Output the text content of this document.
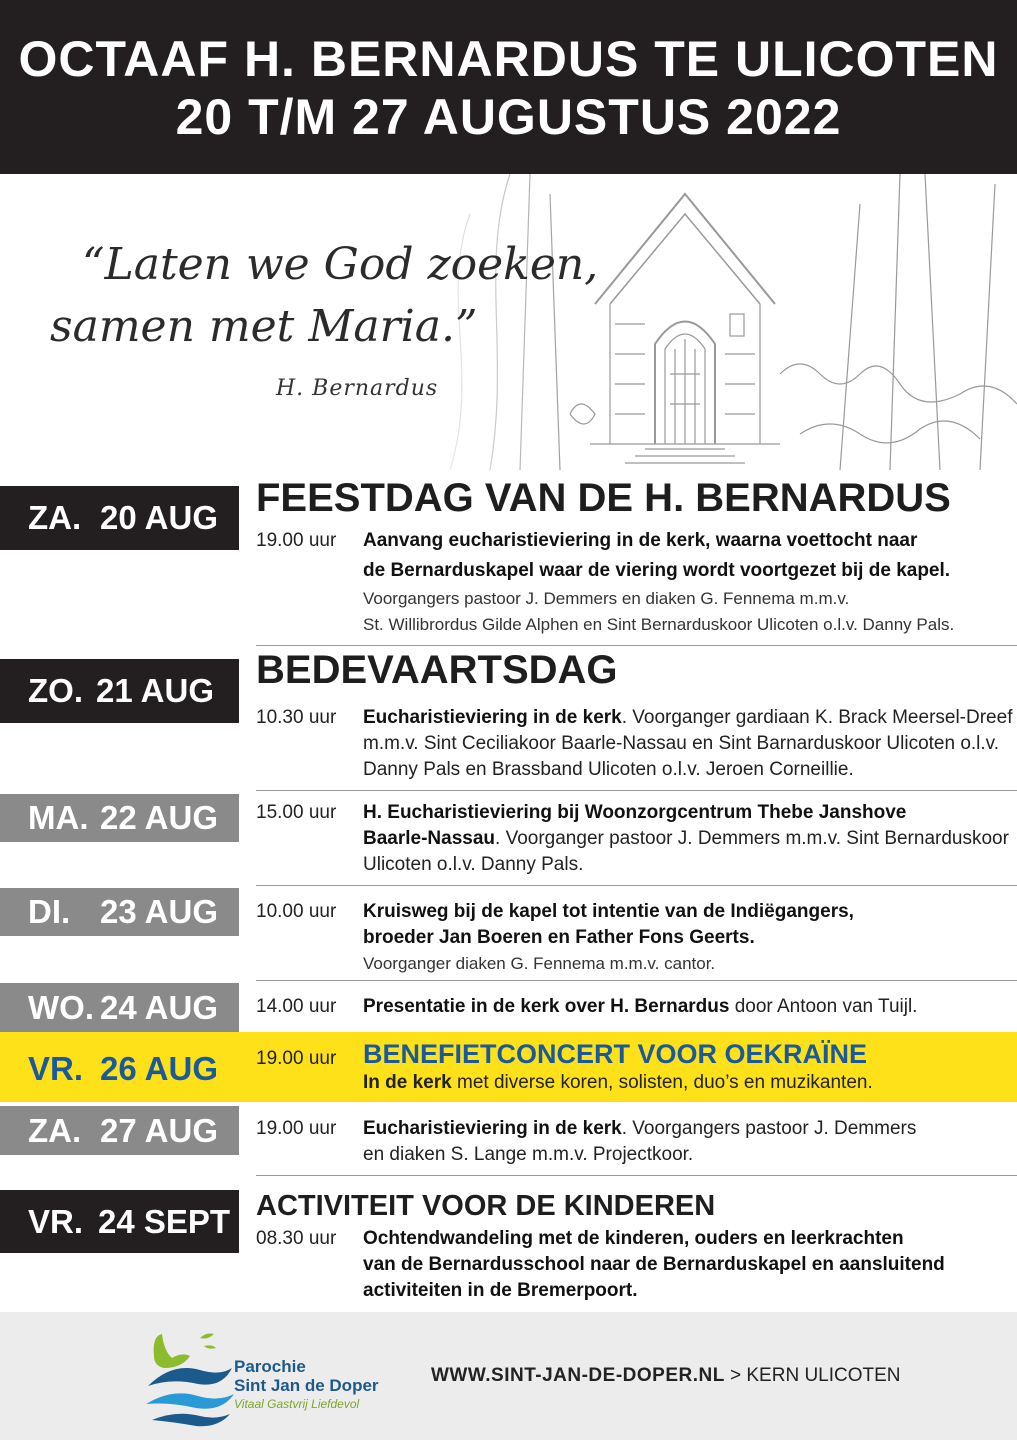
OCTAAF H. BERNARDUS TE ULICOTEN
20 T/M 27 AUGUSTUS 2022
“Laten we God zoeken,
samen met Maria.”
H. Bernardus
ZA. 20 AUG FEESTDAG VAN DE H. BERNARDUS
19.00 uur Aanvang eucharistieviering in de kerk, waarna voettocht naar
de Bernarduskapel waar de viering wordt voortgezet bij de kapel.
Voorgangers pastoor J. Demmers en diaken G. Fennema m.m.v.
St. Willibrordus Gilde Alphen en Sint Bernarduskoor Ulicoten o.l.v. Danny Pals.
ZO. 21 AUG BEDEVAARTSDAG
10.30 uur Eucharistieviering in de kerk. Voorganger gardiaan K. Brack Meersel-Dreef
m.m.v. Sint Ceciliakoor Baarle-Nassau en Sint Barnarduskoor Ulicoten o.l.v.
Danny Pals en Brassband Ulicoten o.l.v. Jeroen Corneillie.
MA. 22 AUG 15.00 uur H. Eucharistieviering bij Woonzorgcentrum Thebe Janshove
Baarle-Nassau. Voorganger pastoor J. Demmers m.m.v. Sint Bernarduskoor
Ulicoten o.l.v. Danny Pals.
DI. 23 AUG 10.00 uur Kruisweg bij de kapel tot intentie van de Indiëgangers,
broeder Jan Boeren en Father Fons Geerts.
Voorganger diaken G. Fennema m.m.v. cantor.
WO. 24 AUG 14.00 uur Presentatie in de kerk over H. Bernardus door Antoon van Tuijl.
VR. 26 AUG 19.00 uur BENEFIETCONCERT VOOR OEKRAÏNE
In de kerk met diverse koren, solisten, duo’s en muzikanten.
ZA. 27 AUG 19.00 uur Eucharistieviering in de kerk. Voorgangers pastoor J. Demmers
en diaken S. Lange m.m.v. Projectkoor.
VR. 24 SEPT ACTIVITEIT VOOR DE KINDEREN
08.30 uur Ochtendwandeling met de kinderen, ouders en leerkrachten
van de Bernardusschool naar de Bernarduskapel en aansluitend
activiteiten in de Bremerpoort.
Parochie
Sint Jan de Doper
Vitaal Gastvrij Liefdevol
WWW.SINT-JAN-DE-DOPER.NL > KERN ULICOTEN
